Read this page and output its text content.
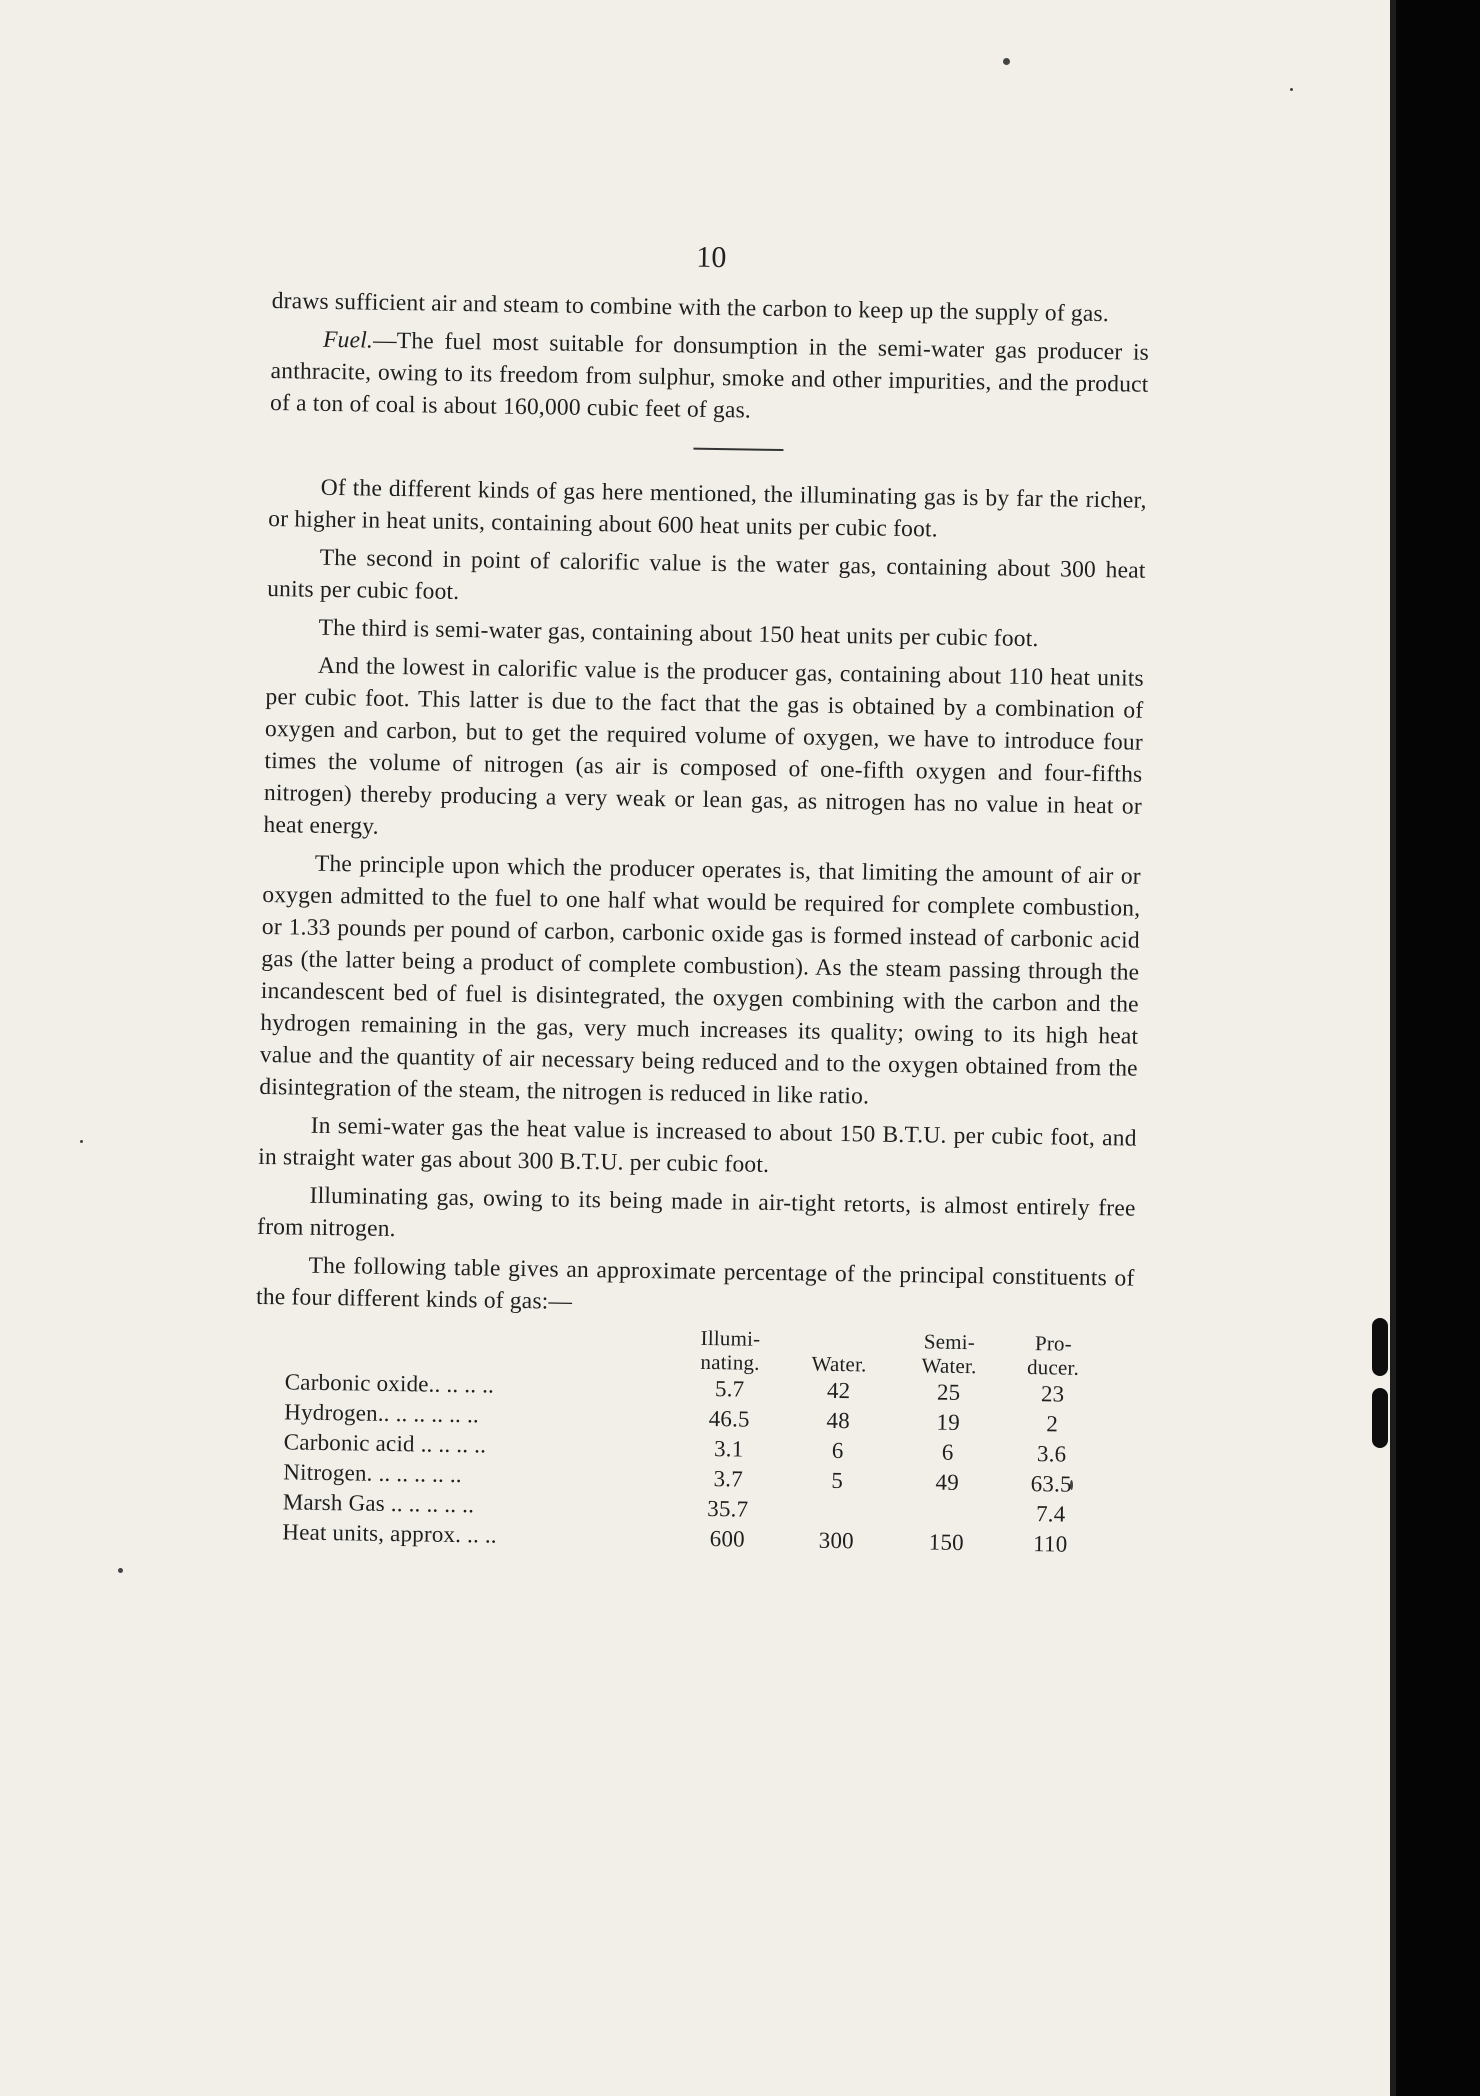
10

draws sufficient air and steam to combine with the carbon to keep up the supply of gas.

Fuel.—The fuel most suitable for donsumption in the semi-water gas producer is anthracite, owing to its freedom from sulphur, smoke and other impurities, and the product of a ton of coal is about 160,000 cubic feet of gas.

Of the different kinds of gas here mentioned, the illuminating gas is by far the richer, or higher in heat units, containing about 600 heat units per cubic foot.

The second in point of calorific value is the water gas, containing about 300 heat units per cubic foot.

The third is semi-water gas, containing about 150 heat units per cubic foot.

And the lowest in calorific value is the producer gas, containing about 110 heat units per cubic foot. This latter is due to the fact that the gas is obtained by a combination of oxygen and carbon, but to get the required volume of oxygen, we have to introduce four times the volume of nitrogen (as air is composed of one-fifth oxygen and four-fifths nitrogen) thereby producing a very weak or lean gas, as nitrogen has no value in heat or heat energy.

The principle upon which the producer operates is, that limiting the amount of air or oxygen admitted to the fuel to one half what would be required for complete combustion, or 1.33 pounds per pound of carbon, carbonic oxide gas is formed instead of carbonic acid gas (the latter being a product of complete combustion). As the steam passing through the incandescent bed of fuel is disintegrated, the oxygen combining with the carbon and the hydrogen remaining in the gas, very much increases its quality; owing to its high heat value and the quantity of air necessary being reduced and to the oxygen obtained from the disintegration of the steam, the nitrogen is reduced in like ratio.

In semi-water gas the heat value is increased to about 150 B.T.U. per cubic foot, and in straight water gas about 300 B.T.U. per cubic foot.

Illuminating gas, owing to its being made in air-tight retorts, is almost entirely free from nitrogen.

The following table gives an approximate percentage of the principal constituents of the four different kinds of gas:—

	Illumi-nating.	Water.	Semi-Water.	Pro-ducer.
Carbonic oxide.. .. .. ..	5.7	42	25	23
Hydrogen.. .. .. .. .. ..	46.5	48	19	2
Carbonic acid .. .. .. ..	3.1	6	6	3.6
Nitrogen. .. .. .. .. ..	3.7	5	49	63.5
Marsh Gas .. .. .. .. ..	35.7			7.4
Heat units, approx. .. ..	600	300	150	110
